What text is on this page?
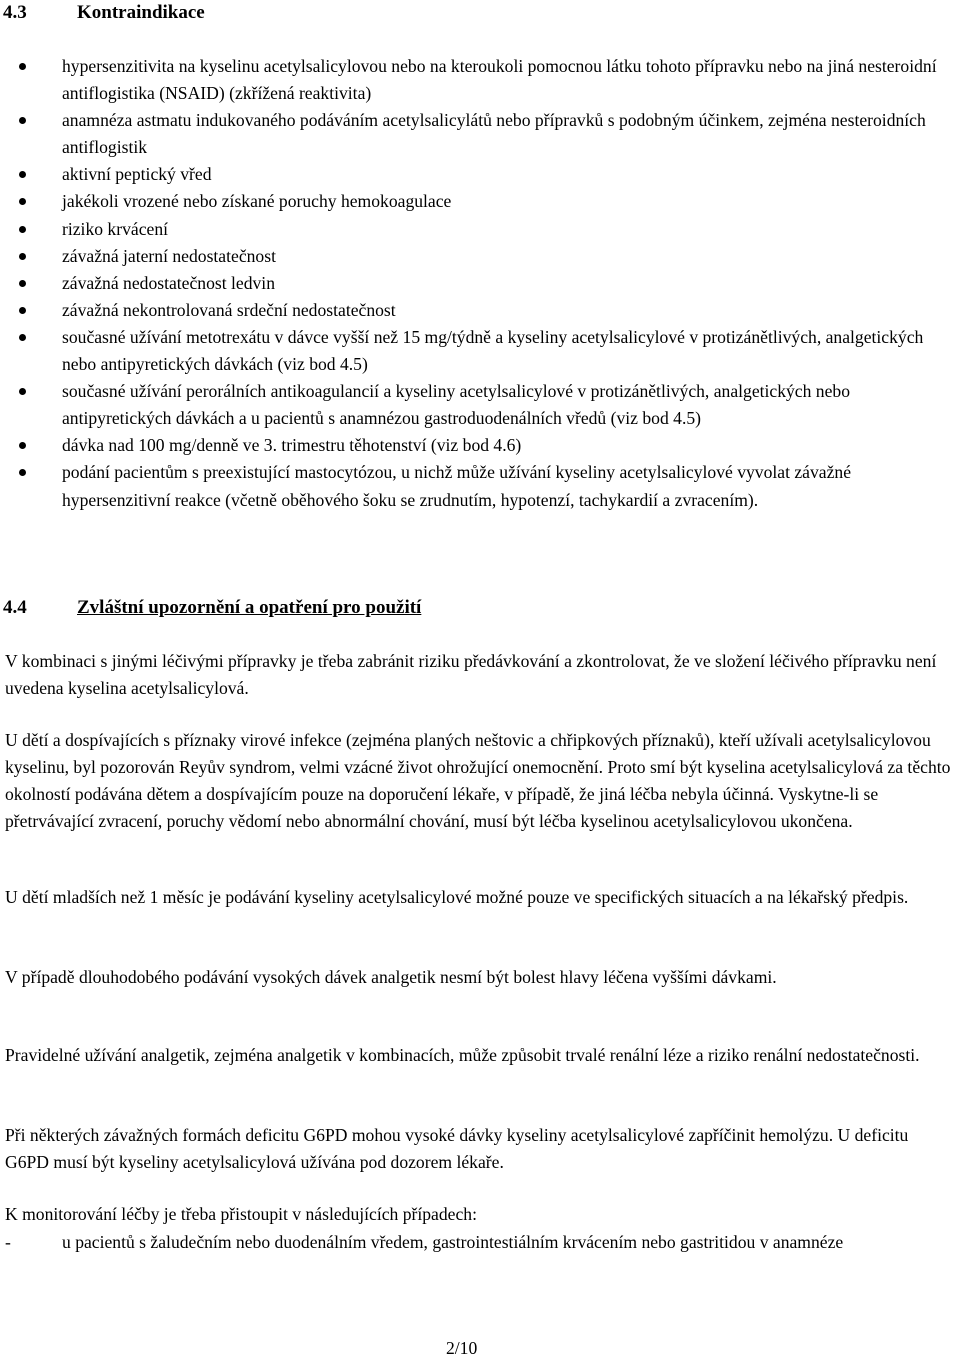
4.3	Kontraindikace
hypersenzitivita na kyselinu acetylsalicylovou nebo na kteroukoli pomocnou látku tohoto přípravku nebo na jiná nesteroidní antiflogistika (NSAID) (zkřížená reaktivita)
anamnéza astmatu indukovaného podáváním acetylsalicylátů nebo přípravků s podobným účinkem, zejména nesteroidních antiflogistik
aktivní peptický vřed
jakékoli vrozené nebo získané poruchy hemokoagulace
riziko krvácení
závažná jaterní nedostatečnost
závažná nedostatečnost ledvin
závažná nekontrolovaná srdeční nedostatečnost
současné užívání metotrexátu v dávce vyšší než 15 mg/týdně a kyseliny acetylsalicylové v protizánětlivých, analgetických nebo antipyretických dávkách (viz bod 4.5)
současné užívání perorálních antikoagulancií a kyseliny acetylsalicylové v protizánětlivých, analgetických nebo antipyretických dávkách a u pacientů s anamnézou gastroduodenálních vředů (viz bod 4.5)
dávka nad 100 mg/denně ve 3. trimestru těhotenství (viz bod 4.6)
podání pacientům s preexistující mastocytózou, u nichž může užívání kyseliny acetylsalicylové vyvolat závažné hypersenzitivní reakce (včetně oběhového šoku se zrudnutím, hypotenzí, tachykardií a zvracením).
4.4	Zvláštní upozornění a opatření pro použití

V kombinaci s jinými léčivými přípravky je třeba zabránit riziku předávkování a zkontrolovat, že ve složení léčivého přípravku není uvedena kyselina acetylsalicylová.

U dětí a dospívajících s příznaky virové infekce (zejména planých neštovic a chřipkových příznaků), kteří užívali acetylsalicylovou kyselinu, byl pozorován Reyův syndrom, velmi vzácné život ohrožující onemocnění. Proto smí být kyselina acetylsalicylová za těchto okolností podávána dětem a dospívajícím pouze na doporučení lékaře, v případě, že jiná léčba nebyla účinná. Vyskytne-li se přetrvávající zvracení, poruchy vědomí nebo abnormální chování, musí být léčba kyselinou acetylsalicylovou ukončena.

U dětí mladších než 1 měsíc je podávání kyseliny acetylsalicylové možné pouze ve specifických situacích a na lékařský předpis.

V případě dlouhodobého podávání vysokých dávek analgetik nesmí být bolest hlavy léčena vyššími dávkami.

Pravidelné užívání analgetik, zejména analgetik v kombinacích, může způsobit trvalé renální léze a riziko renální nedostatečnosti.

Při některých závažných formách deficitu G6PD mohou vysoké dávky kyseliny acetylsalicylové zapříčinit hemolýzu. U deficitu G6PD musí být kyseliny acetylsalicylová užívána pod dozorem lékaře.

K monitorování léčby je třeba přistoupit v následujících případech:

-	u pacientů s žaludečním nebo duodenálním vředem, gastrointestiálním krvácením nebo gastritidou v anamnéze
2/10
